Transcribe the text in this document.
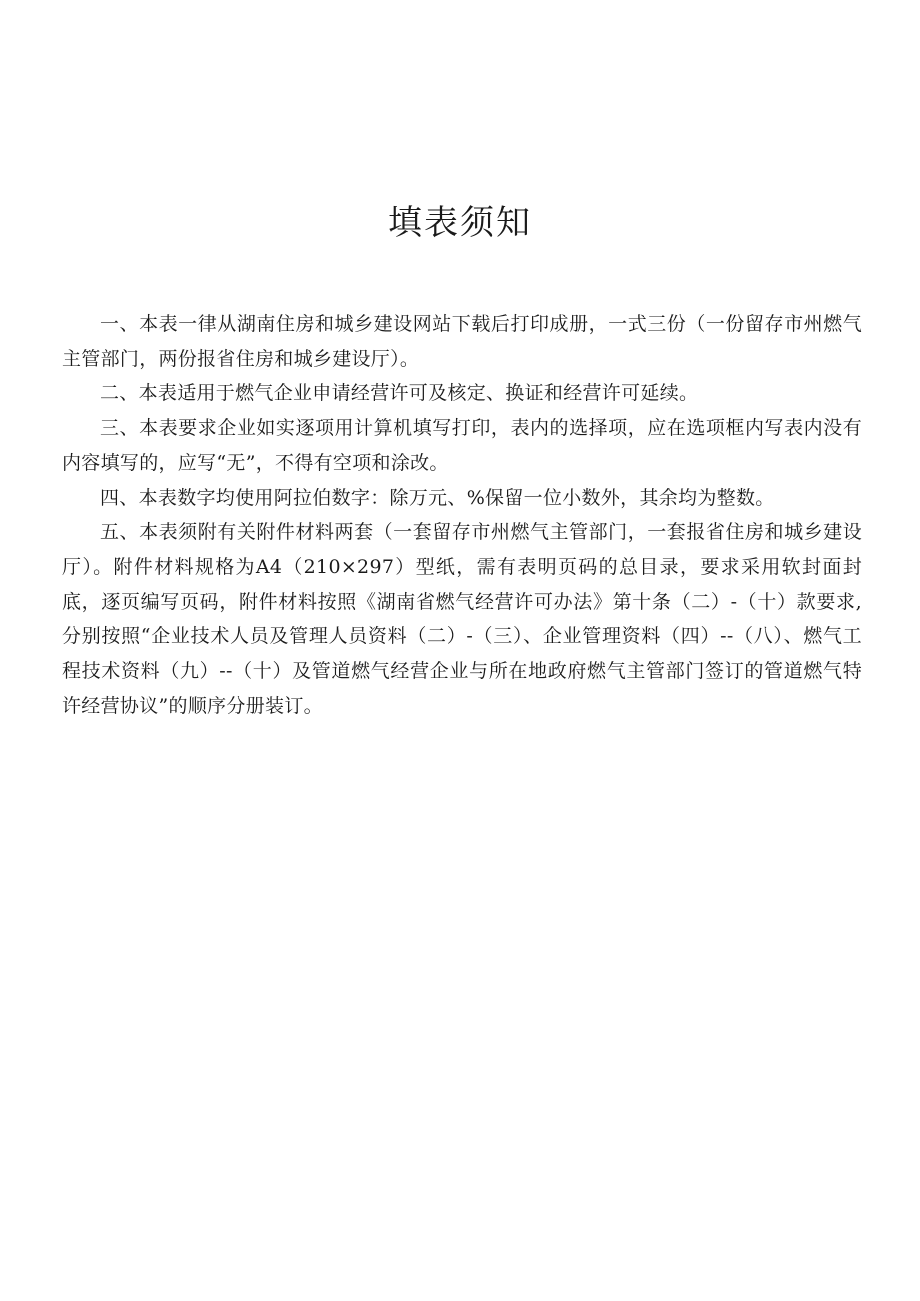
填表须知

一、本表一律从湖南住房和城乡建设网站下载后打印成册，一式三份（一份留存市州燃气主管部门，两份报省住房和城乡建设厅）。

二、本表适用于燃气企业申请经营许可及核定、换证和经营许可延续。

三、本表要求企业如实逐项用计算机填写打印，表内的选择项，应在选项框内写表内没有内容填写的，应写“无”，不得有空项和涂改。

四、本表数字均使用阿拉伯数字：除万元、%保留一位小数外，其余均为整数。

五、本表须附有关附件材料两套（一套留存市州燃气主管部门，一套报省住房和城乡建设厅）。附件材料规格为A4（210×297）型纸，需有表明页码的总目录，要求采用软封面封底，逐页编写页码，附件材料按照《湖南省燃气经营许可办法》第十条（二）-（十）款要求,分别按照“企业技术人员及管理人员资料（二）-（三）、企业管理资料（四）--（八）、燃气工程技术资料（九）--（十）及管道燃气经营企业与所在地政府燃气主管部门签订的管道燃气特许经营协议”的顺序分册装订。
